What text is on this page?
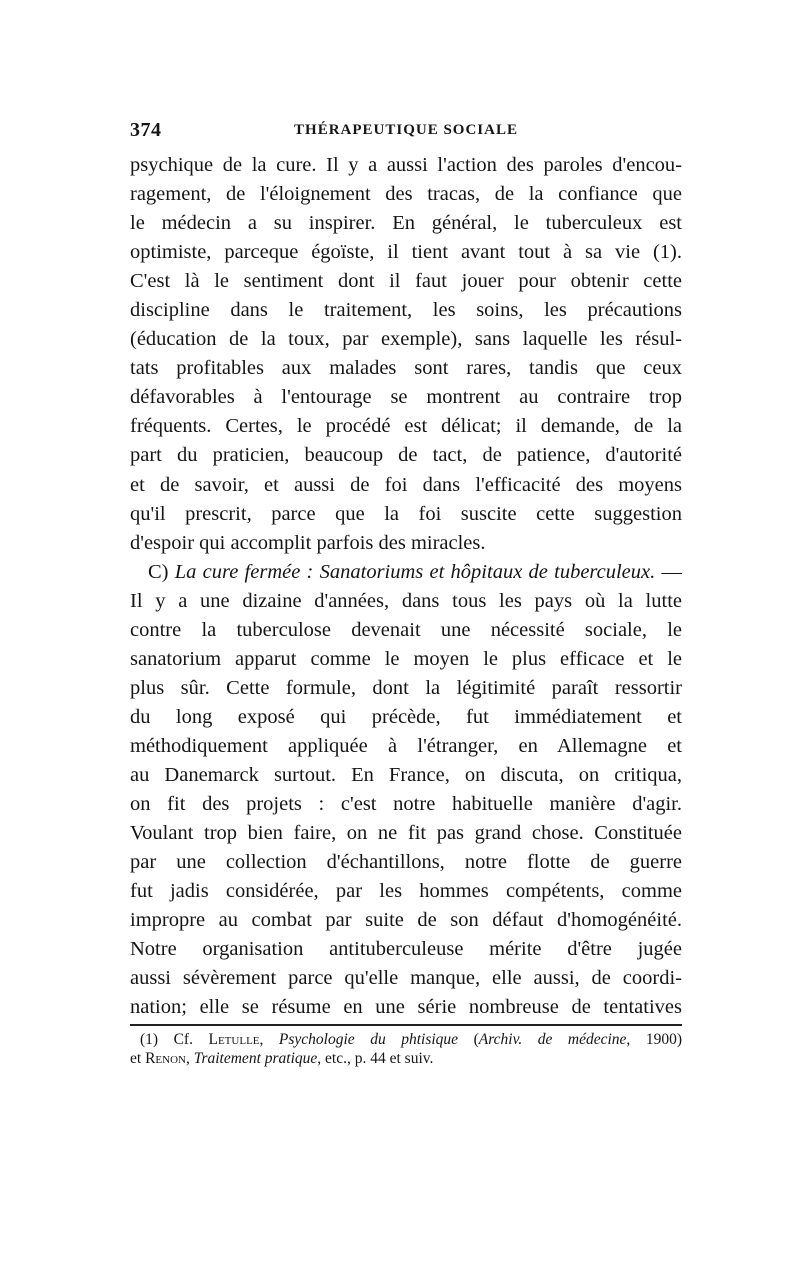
374	THÉRAPEUTIQUE SOCIALE
psychique de la cure. Il y a aussi l'action des paroles d'encou-
ragement, de l'éloignement des tracas, de la confiance que
le médecin a su inspirer. En général, le tuberculeux est
optimiste, parceque égoïste, il tient avant tout à sa vie (1).
C'est là le sentiment dont il faut jouer pour obtenir cette
discipline dans le traitement, les soins, les précautions
(éducation de la toux, par exemple), sans laquelle les résul-
tats profitables aux malades sont rares, tandis que ceux
défavorables à l'entourage se montrent au contraire trop
fréquents. Certes, le procédé est délicat; il demande, de la
part du praticien, beaucoup de tact, de patience, d'autorité
et de savoir, et aussi de foi dans l'efficacité des moyens
qu'il prescrit, parce que la foi suscite cette suggestion
d'espoir qui accomplit parfois des miracles.
C) La cure fermée : Sanatoriums et hôpitaux de tuberculeux. —
Il y a une dizaine d'années, dans tous les pays où la lutte
contre la tuberculose devenait une nécessité sociale, le
sanatorium apparut comme le moyen le plus efficace et le
plus sûr. Cette formule, dont la légitimité paraît ressortir
du long exposé qui précède, fut immédiatement et
méthodiquement appliquée à l'étranger, en Allemagne et
au Danemarck surtout. En France, on discuta, on critiqua,
on fit des projets : c'est notre habituelle manière d'agir.
Voulant trop bien faire, on ne fit pas grand chose. Constituée
par une collection d'échantillons, notre flotte de guerre
fut jadis considérée, par les hommes compétents, comme
impropre au combat par suite de son défaut d'homogénéité.
Notre organisation antituberculeuse mérite d'être jugée
aussi sévèrement parce qu'elle manque, elle aussi, de coordi-
nation; elle se résume en une série nombreuse de tentatives
(1) Cf. Letulle, Psychologie du phtisique (Archiv. de médecine, 1900)
et Renon, Traitement pratique, etc., p. 44 et suiv.
